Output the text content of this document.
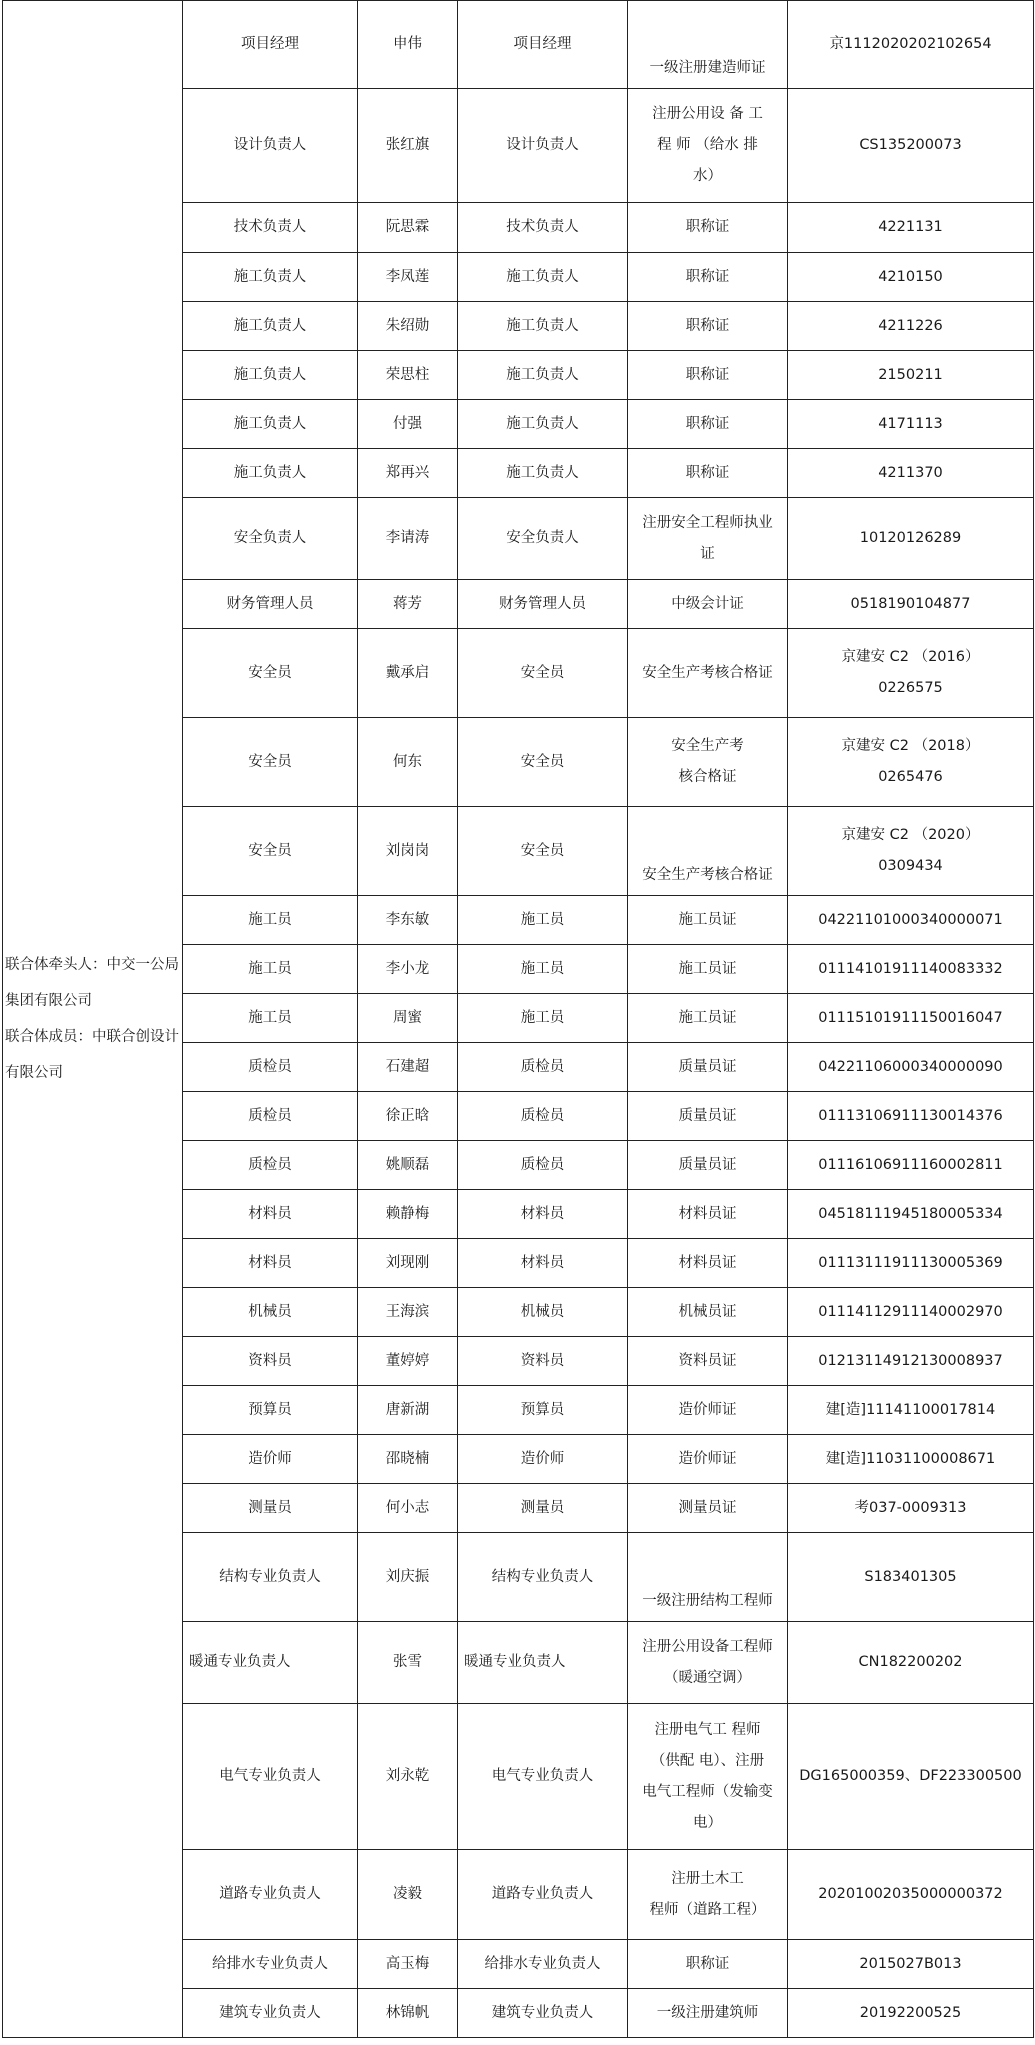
联合体牵头人：中交一公局集团有限公司
联合体成员：中联合创设计有限公司	项目经理	申伟	项目经理	一级注册建造师证	京1112020202102654
	设计负责人	张红旗	设计负责人	注册公用设 备 工
程 师 （给水 排
水）	CS135200073
	技术负责人	阮思霖	技术负责人	职称证	4221131
	施工负责人	李凤莲	施工负责人	职称证	4210150
	施工负责人	朱绍勋	施工负责人	职称证	4211226
	施工负责人	荣思柱	施工负责人	职称证	2150211
	施工负责人	付强	施工负责人	职称证	4171113
	施工负责人	郑再兴	施工负责人	职称证	4211370
	安全负责人	李请涛	安全负责人	注册安全工程师执业
证	10120126289
	财务管理人员	蒋芳	财务管理人员	中级会计证	0518190104877
	安全员	戴承启	安全员	安全生产考核合格证	京建安 C2 （2016）
0226575
	安全员	何东	安全员	安全生产考
核合格证	京建安 C2 （2018）
0265476
	安全员	刘岗岗	安全员	安全生产考核合格证	京建安 C2 （2020）
0309434
	施工员	李东敏	施工员	施工员证	04221101000340000071
	施工员	李小龙	施工员	施工员证	01114101911140083332
	施工员	周蜜	施工员	施工员证	01115101911150016047
	质检员	石建超	质检员	质量员证	04221106000340000090
	质检员	徐正晗	质检员	质量员证	01113106911130014376
	质检员	姚顺磊	质检员	质量员证	01116106911160002811
	材料员	赖静梅	材料员	材料员证	04518111945180005334
	材料员	刘现刚	材料员	材料员证	01113111911130005369
	机械员	王海滨	机械员	机械员证	01114112911140002970
	资料员	董婷婷	资料员	资料员证	01213114912130008937
	预算员	唐新湖	预算员	造价师证	建[造]11141100017814
	造价师	邵晓楠	造价师	造价师证	建[造]11031100008671
	测量员	何小志	测量员	测量员证	考037-0009313
	结构专业负责人	刘庆振	结构专业负责人	一级注册结构工程师	S183401305
	暖通专业负责人	张雪	暖通专业负责人	注册公用设备工程师
（暖通空调）	CN182200202
	电气专业负责人	刘永乾	电气专业负责人	注册电气工 程师
（供配 电）、注册
电气工程师（发输变
电）	DG165000359、DF223300500
	道路专业负责人	凌毅	道路专业负责人	注册土木工
程师（道路工程）	20201002035000000372
	给排水专业负责人	高玉梅	给排水专业负责人	职称证	2015027B013
	建筑专业负责人	林锦帆	建筑专业负责人	一级注册建筑师	20192200525
